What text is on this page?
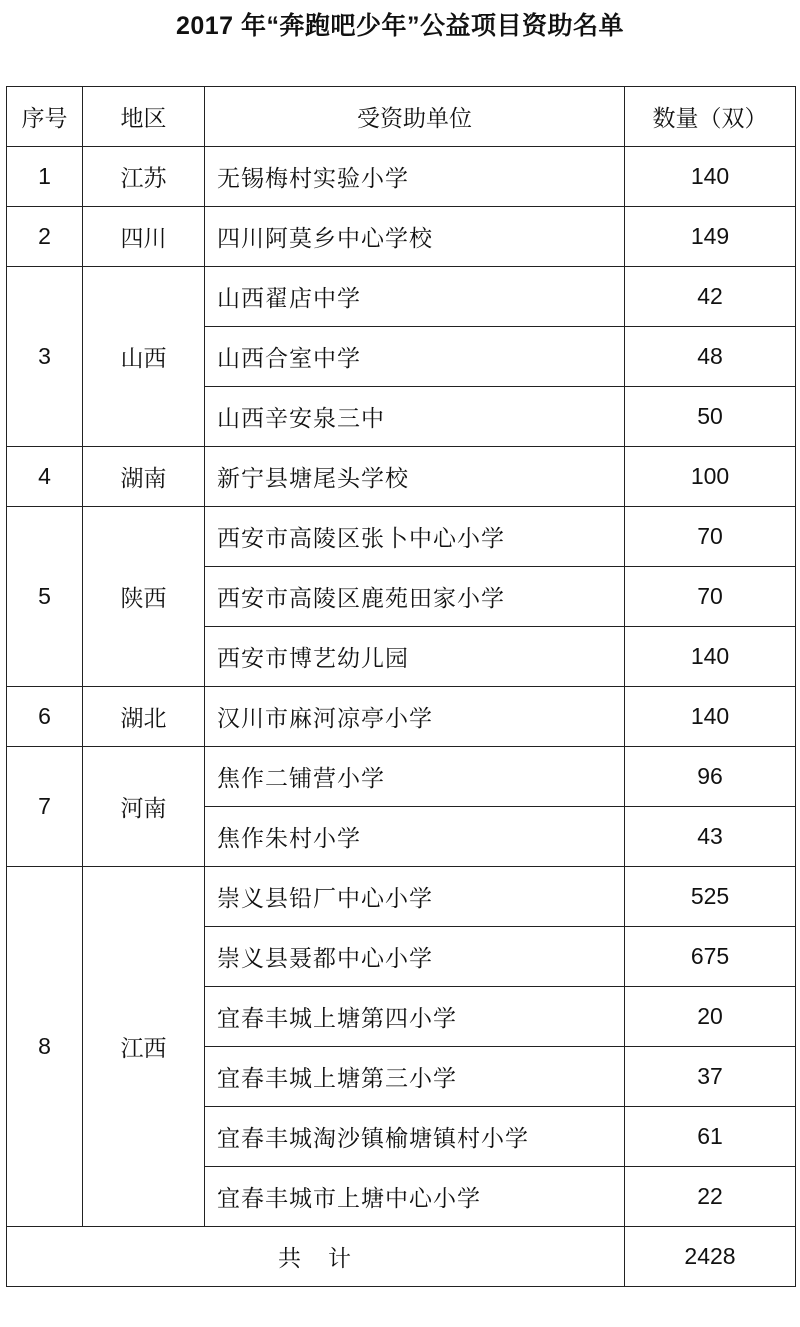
2017 年“奔跑吧少年”公益项目资助名单
序号	地区	受资助单位	数量（双）
1	江苏	无锡梅村实验小学	140
2	四川	四川阿莫乡中心学校	149
3	山西	山西翟店中学	42
		山西合室中学	48
		山西辛安泉三中	50
4	湖南	新宁县塘尾头学校	100
5	陕西	西安市高陵区张卜中心小学	70
		西安市高陵区鹿苑田家小学	70
		西安市博艺幼儿园	140
6	湖北	汉川市麻河凉亭小学	140
7	河南	焦作二铺营小学	96
		焦作朱村小学	43
8	江西	崇义县铅厂中心小学	525
		崇义县聂都中心小学	675
		宜春丰城上塘第四小学	20
		宜春丰城上塘第三小学	37
		宜春丰城淘沙镇榆塘镇村小学	61
		宜春丰城市上塘中心小学	22
共　计			2428
